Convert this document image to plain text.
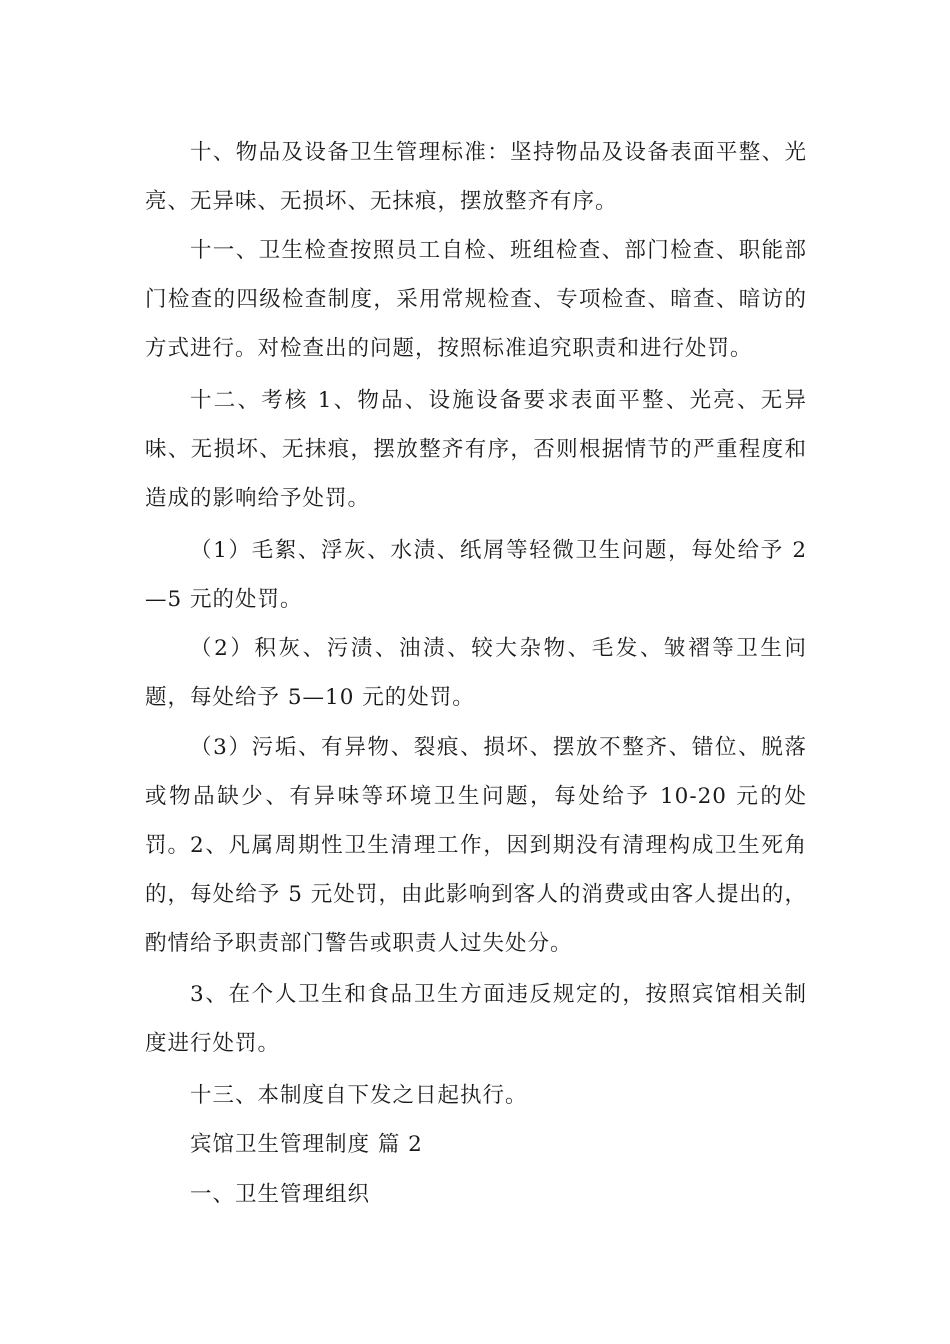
十、物品及设备卫生管理标准：坚持物品及设备表面平整、光亮、无异味、无损坏、无抹痕，摆放整齐有序。

十一、卫生检查按照员工自检、班组检查、部门检查、职能部门检查的四级检查制度，采用常规检查、专项检查、暗查、暗访的方式进行。对检查出的问题，按照标准追究职责和进行处罚。

十二、考核 1、物品、设施设备要求表面平整、光亮、无异味、无损坏、无抹痕，摆放整齐有序，否则根据情节的严重程度和造成的影响给予处罚。

（1）毛絮、浮灰、水渍、纸屑等轻微卫生问题，每处给予 2—5 元的处罚。

（2）积灰、污渍、油渍、较大杂物、毛发、皱褶等卫生问题，每处给予 5—10 元的处罚。

（3）污垢、有异物、裂痕、损坏、摆放不整齐、错位、脱落或物品缺少、有异味等环境卫生问题，每处给予 10-20 元的处罚。 2、凡属周期性卫生清理工作，因到期没有清理构成卫生死角的，每处给予 5 元处罚，由此影响到客人的消费或由客人提出的，酌情给予职责部门警告或职责人过失处分。

3、在个人卫生和食品卫生方面违反规定的，按照宾馆相关制度进行处罚。

十三、本制度自下发之日起执行。

宾馆卫生管理制度 篇 2

一、卫生管理组织
